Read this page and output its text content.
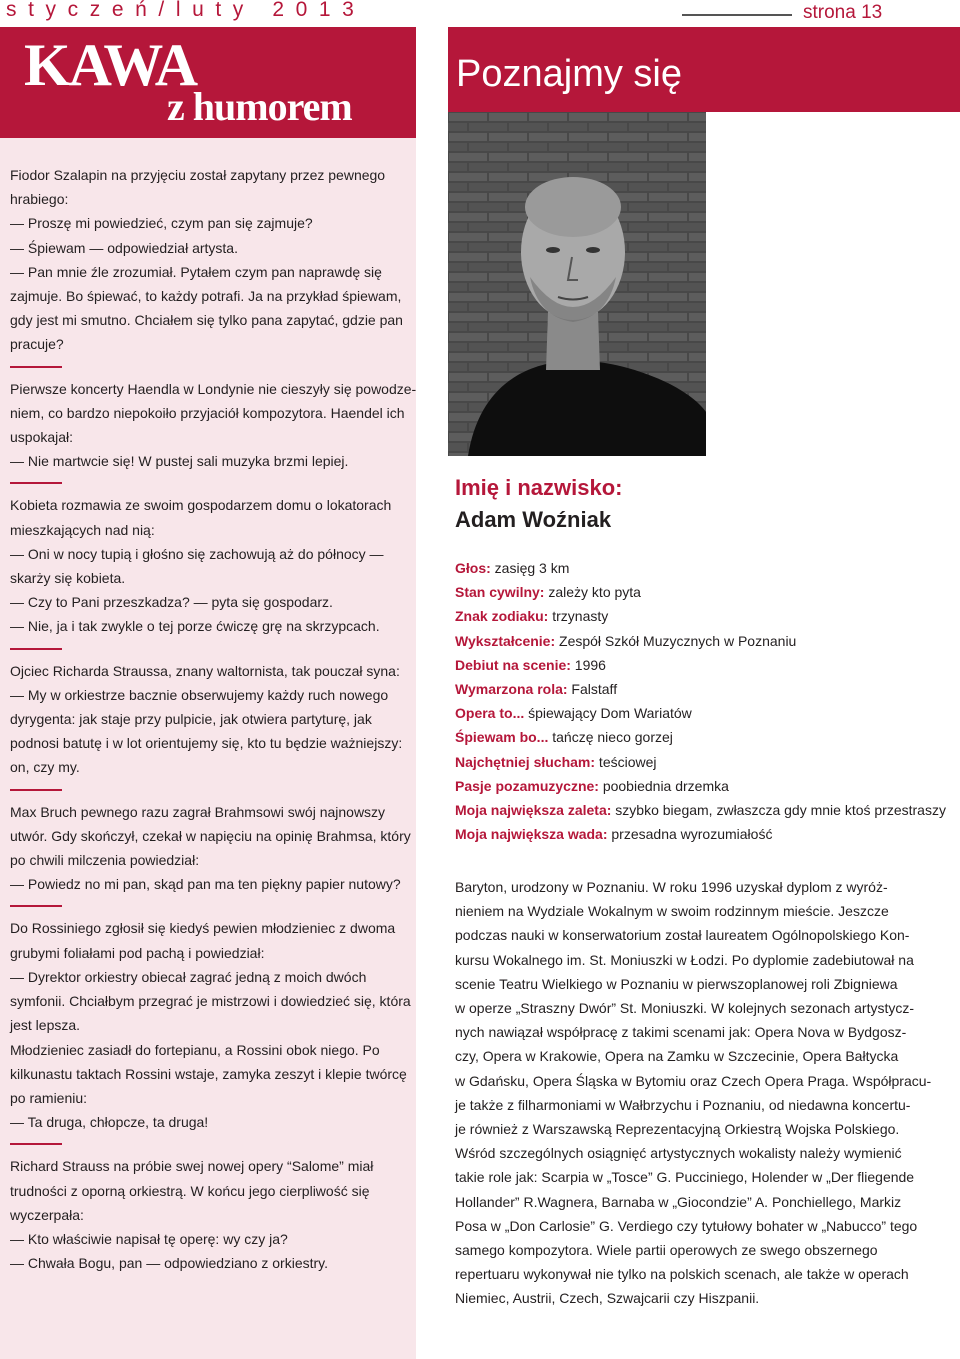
styczeń/luty 2013	strona 13
KAWA
z humorem

Fiodor Szalapin na przyjęciu został zapytany przez pewnego

hrabiego:

— Proszę mi powiedzieć, czym pan się zajmuje?

— Śpiewam — odpowiedział artysta.

— Pan mnie źle zrozumiał. Pytałem czym pan naprawdę się

zajmuje. Bo śpiewać, to każdy potrafi. Ja na przykład śpiewam,

gdy jest mi smutno. Chciałem się tylko pana zapytać, gdzie pan

pracuje?

Pierwsze koncerty Haendla w Londynie nie cieszyły się powodze-

niem, co bardzo niepokoiło przyjaciół kompozytora. Haendel ich

uspokajał:

— Nie martwcie się! W pustej sali muzyka brzmi lepiej.

Kobieta rozmawia ze swoim gospodarzem domu o lokatorach

mieszkających nad nią:

— Oni w nocy tupią i głośno się zachowują aż do północy —

skarży się kobieta.

— Czy to Pani przeszkadza? — pyta się gospodarz.

— Nie, ja i tak zwykle o tej porze ćwiczę grę na skrzypcach.

Ojciec Richarda Straussa, znany waltornista, tak pouczał syna:

— My w orkiestrze bacznie obserwujemy każdy ruch nowego

dyrygenta: jak staje przy pulpicie, jak otwiera partyturę, jak

podnosi batutę i w lot orientujemy się, kto tu będzie ważniejszy:

on, czy my.

Max Bruch pewnego razu zagrał Brahmsowi swój najnowszy

utwór. Gdy skończył, czekał w napięciu na opinię Brahmsa, który

po chwili milczenia powiedział:

— Powiedz no mi pan, skąd pan ma ten piękny papier nutowy?

Do Rossiniego zgłosił się kiedyś pewien młodzieniec z dwoma

grubymi foliałami pod pachą i powiedział:

— Dyrektor orkiestry obiecał zagrać jedną z moich dwóch

symfonii. Chciałbym przegrać je mistrzowi i dowiedzieć się, która

jest lepsza.

Młodzieniec zasiadł do fortepianu, a Rossini obok niego. Po

kilkunastu taktach Rossini wstaje, zamyka zeszyt i klepie twórcę

po ramieniu:

— Ta druga, chłopcze, ta druga!

Richard Strauss na próbie swej nowej opery “Salome” miał

trudności z oporną orkiestrą. W końcu jego cierpliwość się

wyczerpała:

— Kto właściwie napisał tę operę: wy czy ja?

— Chwała Bogu, pan — odpowiedziano z orkiestry.

Poznajmy się
Imię i nazwisko:
Adam Woźniak
Głos: zasięg 3 km
Stan cywilny: zależy kto pyta
Znak zodiaku: trzynasty
Wykształcenie: Zespół Szkół Muzycznych w Poznaniu
Debiut na scenie: 1996
Wymarzona rola: Falstaff
Opera to... śpiewający Dom Wariatów
Śpiewam bo... tańczę nieco gorzej
Najchętniej słucham: teściowej
Pasje pozamuzyczne: poobiednia drzemka
Moja największa zaleta: szybko biegam, zwłaszcza gdy mnie ktoś przestraszy
Moja największa wada: przesadna wyrozumiałość

Baryton, urodzony w Poznaniu. W roku 1996 uzyskał dyplom z wyróż-

nieniem na Wydziale Wokalnym w swoim rodzinnym mieście. Jeszcze

podczas nauki w konserwatorium został laureatem Ogólnopolskiego Kon-

kursu Wokalnego im. St. Moniuszki w Łodzi. Po dyplomie zadebiutował na

scenie Teatru Wielkiego w Poznaniu w pierwszoplanowej roli Zbigniewa

w operze „Straszny Dwór” St. Moniuszki. W kolejnych sezonach artystycz-

nych nawiązał współpracę z takimi scenami jak: Opera Nova w Bydgosz-

czy, Opera w Krakowie, Opera na Zamku w Szczecinie, Opera Bałtycka

w Gdańsku, Opera Śląska w Bytomiu oraz Czech Opera Praga. Współpracu-

je także z filharmoniami w Wałbrzychu i Poznaniu, od niedawna koncertu-

je również z Warszawską Reprezentacyjną Orkiestrą Wojska Polskiego.

Wśród szczególnych osiągnięć artystycznych wokalisty należy wymienić

takie role jak: Scarpia w „Tosce” G. Pucciniego, Holender w „Der fliegende

Hollander” R.Wagnera, Barnaba w „Giocondzie” A. Ponchiellego, Markiz

Posa w „Don Carlosie” G. Verdiego czy tytułowy bohater w „Nabucco” tego

samego kompozytora. Wiele partii operowych ze swego obszernego

repertuaru wykonywał nie tylko na polskich scenach, ale także w operach

Niemiec, Austrii, Czech, Szwajcarii czy Hiszpanii.
